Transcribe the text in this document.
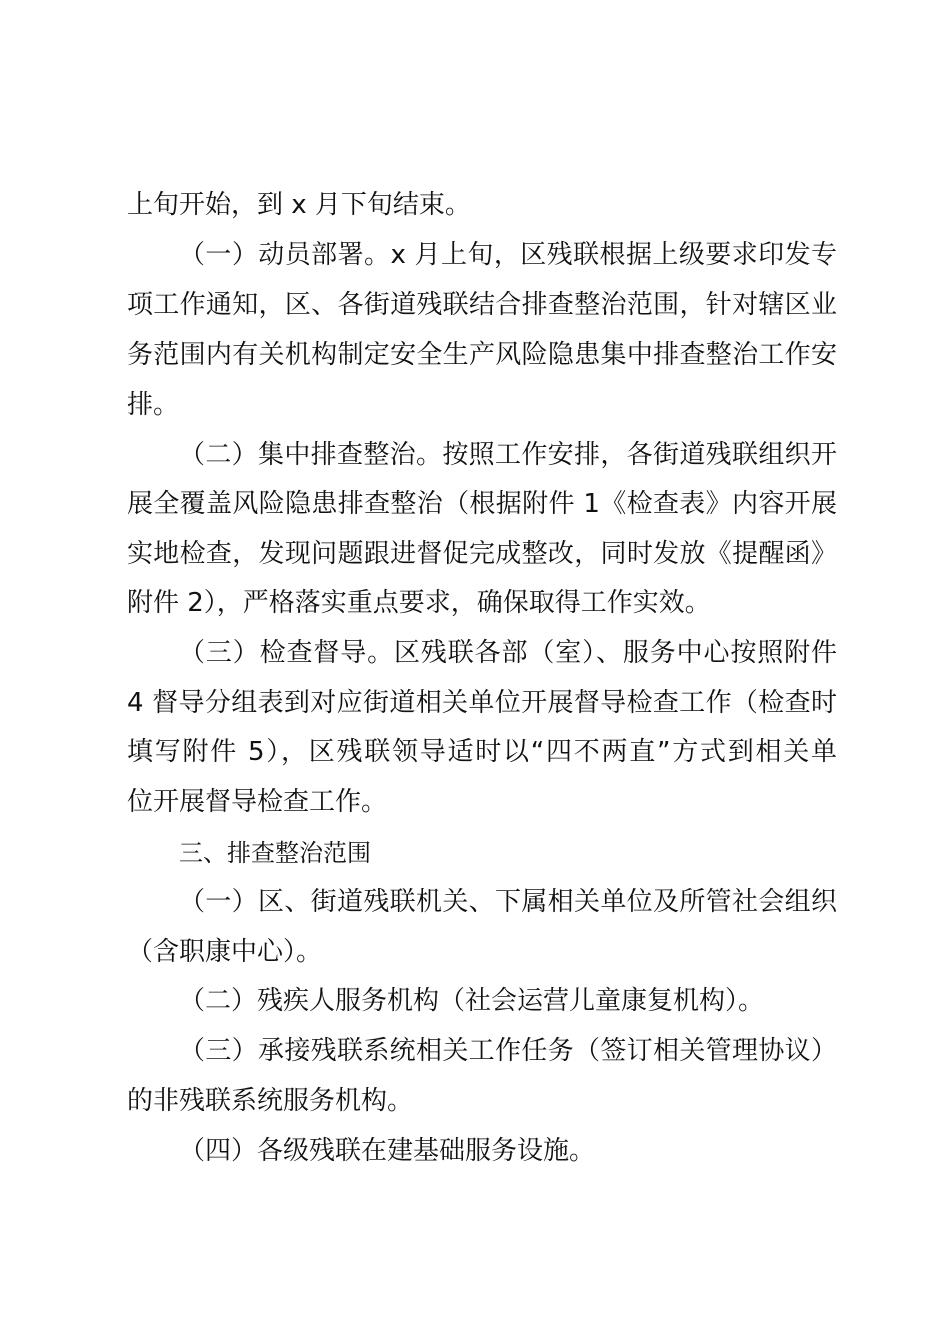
上旬开始，到 x 月下旬结束。
（一）动员部署。x 月上旬，区残联根据上级要求印发专
项工作通知，区、各街道残联结合排查整治范围，针对辖区业
务范围内有关机构制定安全生产风险隐患集中排查整治工作安
排。
（二）集中排查整治。按照工作安排，各街道残联组织开
展全覆盖风险隐患排查整治（根据附件 1《检查表》内容开展
实地检查，发现问题跟进督促完成整改，同时发放《提醒函》
附件 2），严格落实重点要求，确保取得工作实效。
（三）检查督导。区残联各部（室）、服务中心按照附件
4 督导分组表到对应街道相关单位开展督导检查工作（检查时
填写附件 5），区残联领导适时以“四不两直”方式到相关单
位开展督导检查工作。
三、排查整治范围
（一）区、街道残联机关、下属相关单位及所管社会组织
（含职康中心）。
（二）残疾人服务机构（社会运营儿童康复机构）。
（三）承接残联系统相关工作任务（签订相关管理协议）
的非残联系统服务机构。
（四）各级残联在建基础服务设施。
